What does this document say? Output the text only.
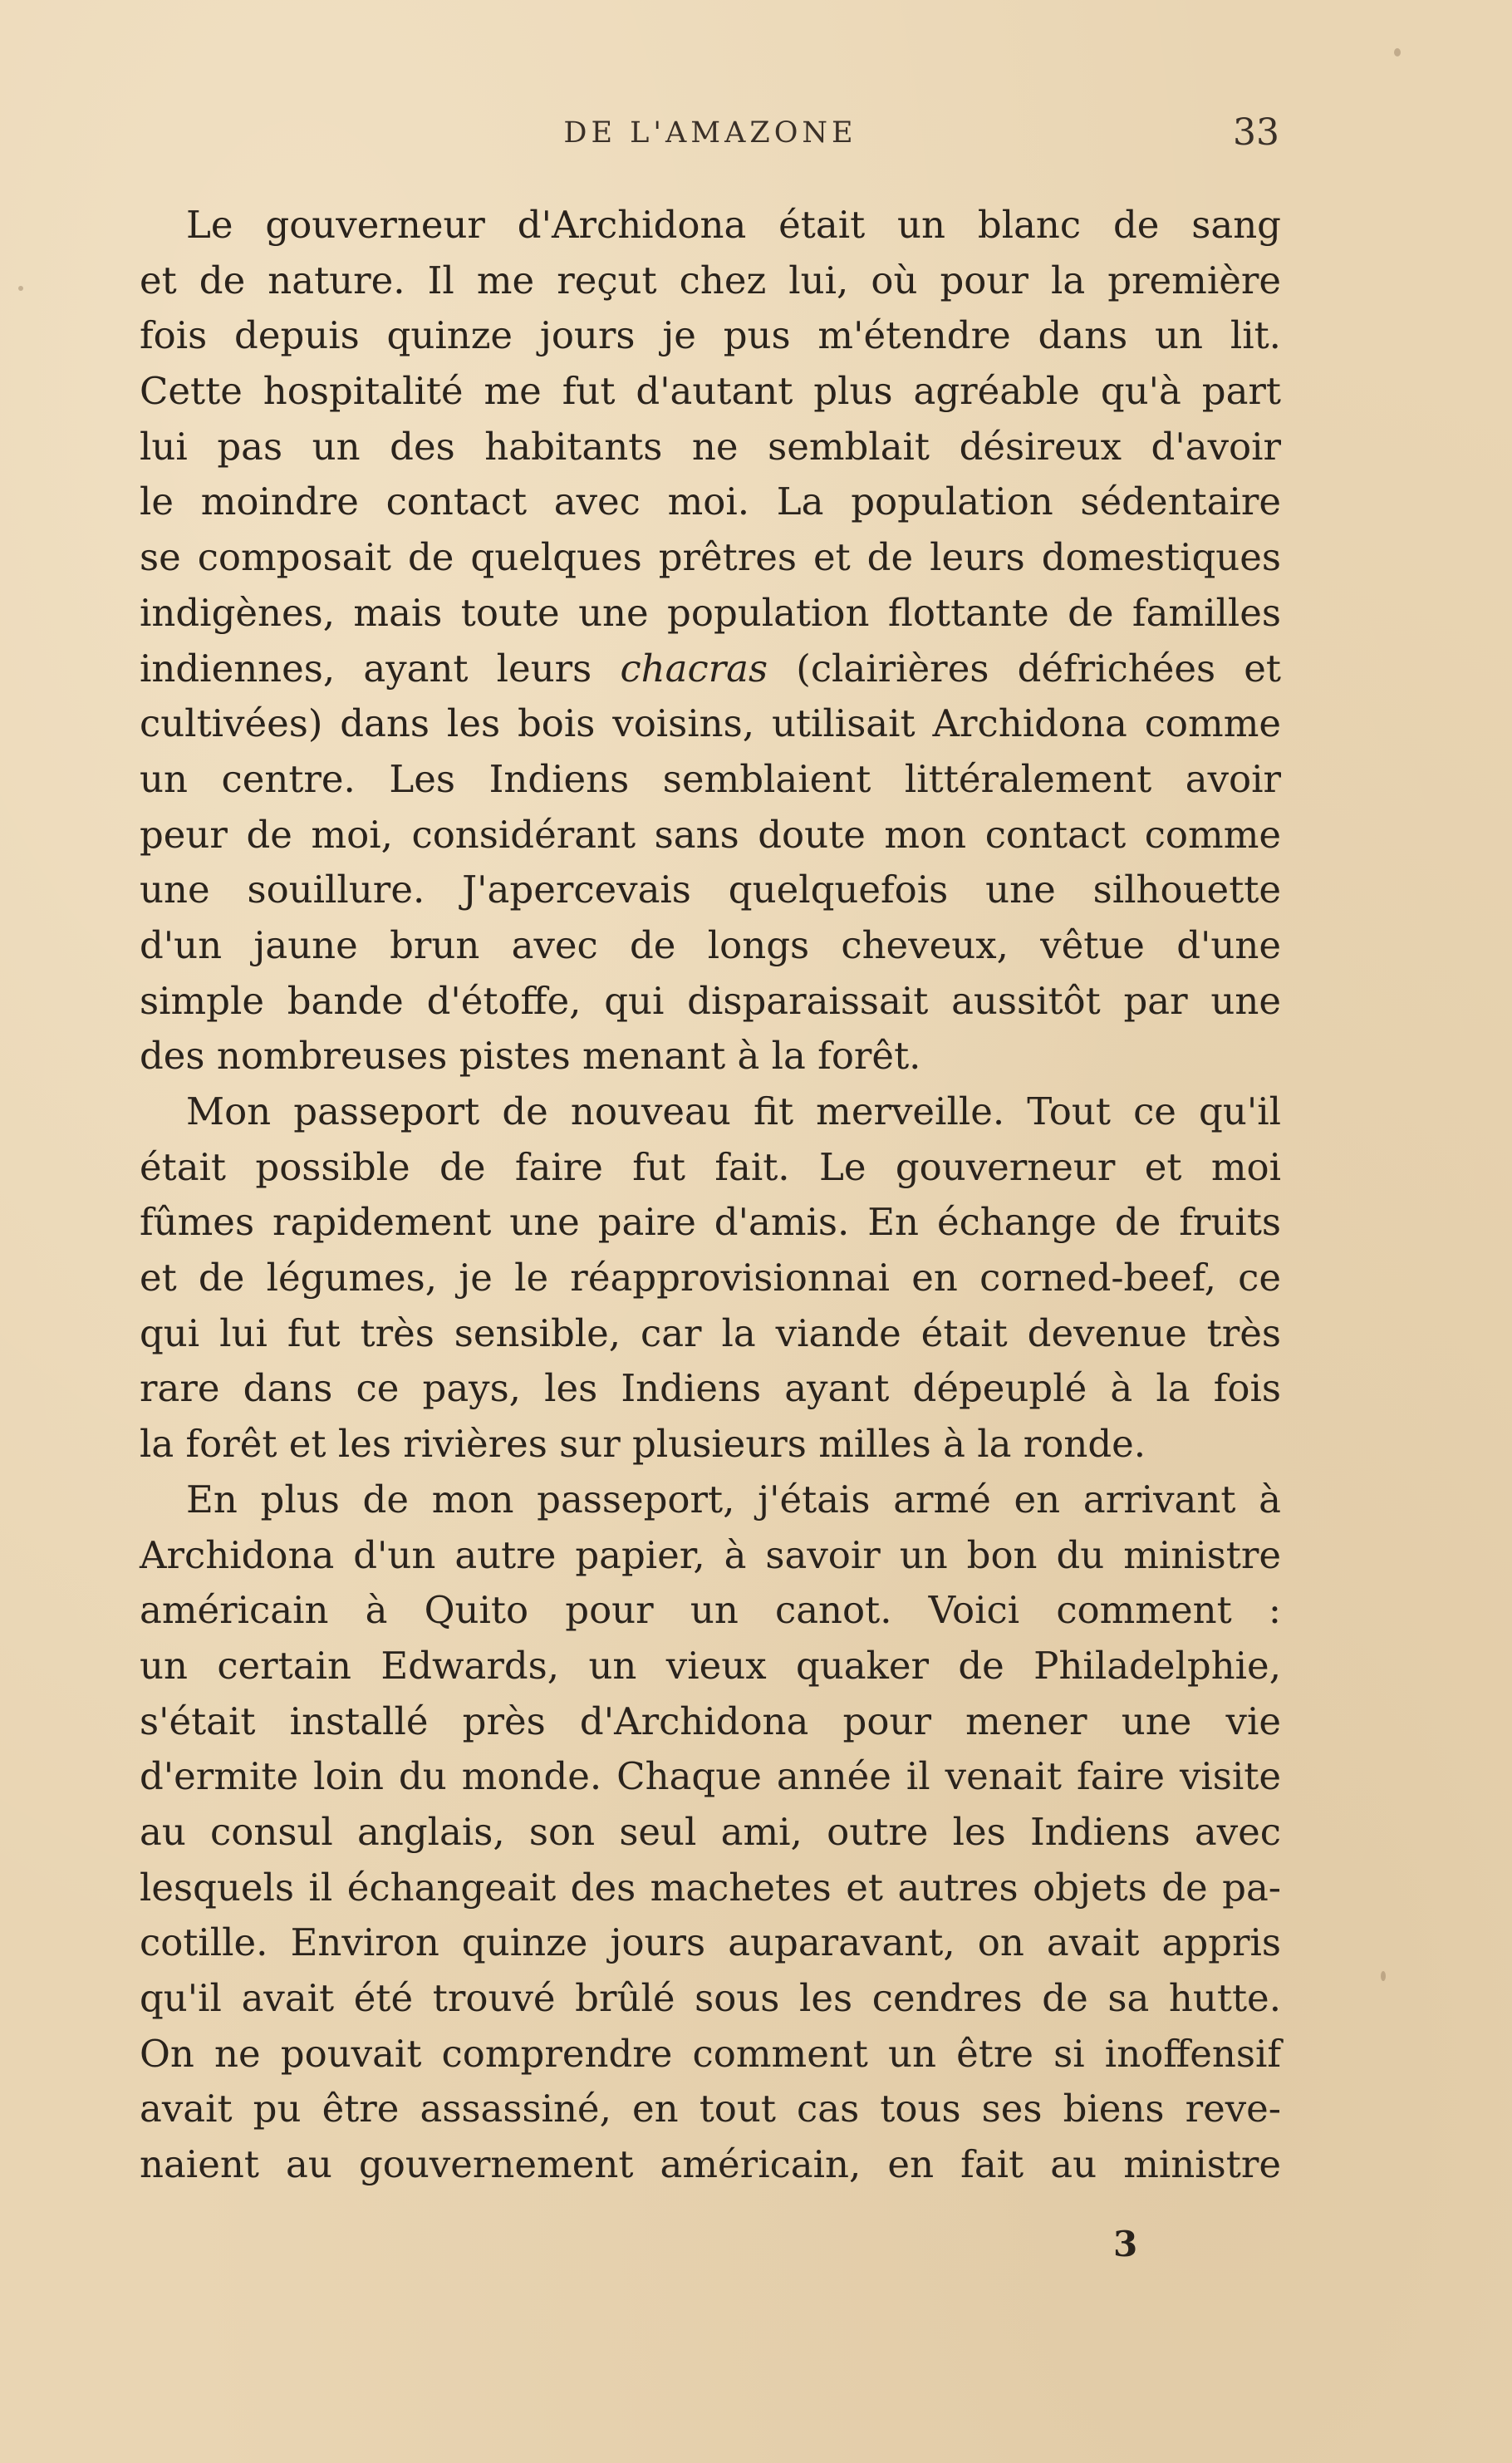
DE L'AMAZONE	33
Le gouverneur d'Archidona était un blanc de sang
et de nature. Il me reçut chez lui, où pour la première
fois depuis quinze jours je pus m'étendre dans un lit.
Cette hospitalité me fut d'autant plus agréable qu'à part
lui pas un des habitants ne semblait désireux d'avoir
le moindre contact avec moi. La population sédentaire
se composait de quelques prêtres et de leurs domestiques
indigènes, mais toute une population flottante de familles
indiennes, ayant leurs chacras (clairières défrichées et
cultivées) dans les bois voisins, utilisait Archidona comme
un centre. Les Indiens semblaient littéralement avoir
peur de moi, considérant sans doute mon contact comme
une souillure. J'apercevais quelquefois une silhouette
d'un jaune brun avec de longs cheveux, vêtue d'une
simple bande d'étoffe, qui disparaissait aussitôt par une
des nombreuses pistes menant à la forêt.
Mon passeport de nouveau fit merveille. Tout ce qu'il
était possible de faire fut fait. Le gouverneur et moi
fûmes rapidement une paire d'amis. En échange de fruits
et de légumes, je le réapprovisionnai en corned-beef, ce
qui lui fut très sensible, car la viande était devenue très
rare dans ce pays, les Indiens ayant dépeuplé à la fois
la forêt et les rivières sur plusieurs milles à la ronde.
En plus de mon passeport, j'étais armé en arrivant à
Archidona d'un autre papier, à savoir un bon du ministre
américain à Quito pour un canot. Voici comment :
un certain Edwards, un vieux quaker de Philadelphie,
s'était installé près d'Archidona pour mener une vie
d'ermite loin du monde. Chaque année il venait faire visite
au consul anglais, son seul ami, outre les Indiens avec
lesquels il échangeait des machetes et autres objets de pa-
cotille. Environ quinze jours auparavant, on avait appris
qu'il avait été trouvé brûlé sous les cendres de sa hutte.
On ne pouvait comprendre comment un être si inoffensif
avait pu être assassiné, en tout cas tous ses biens reve-
naient au gouvernement américain, en fait au ministre
3
